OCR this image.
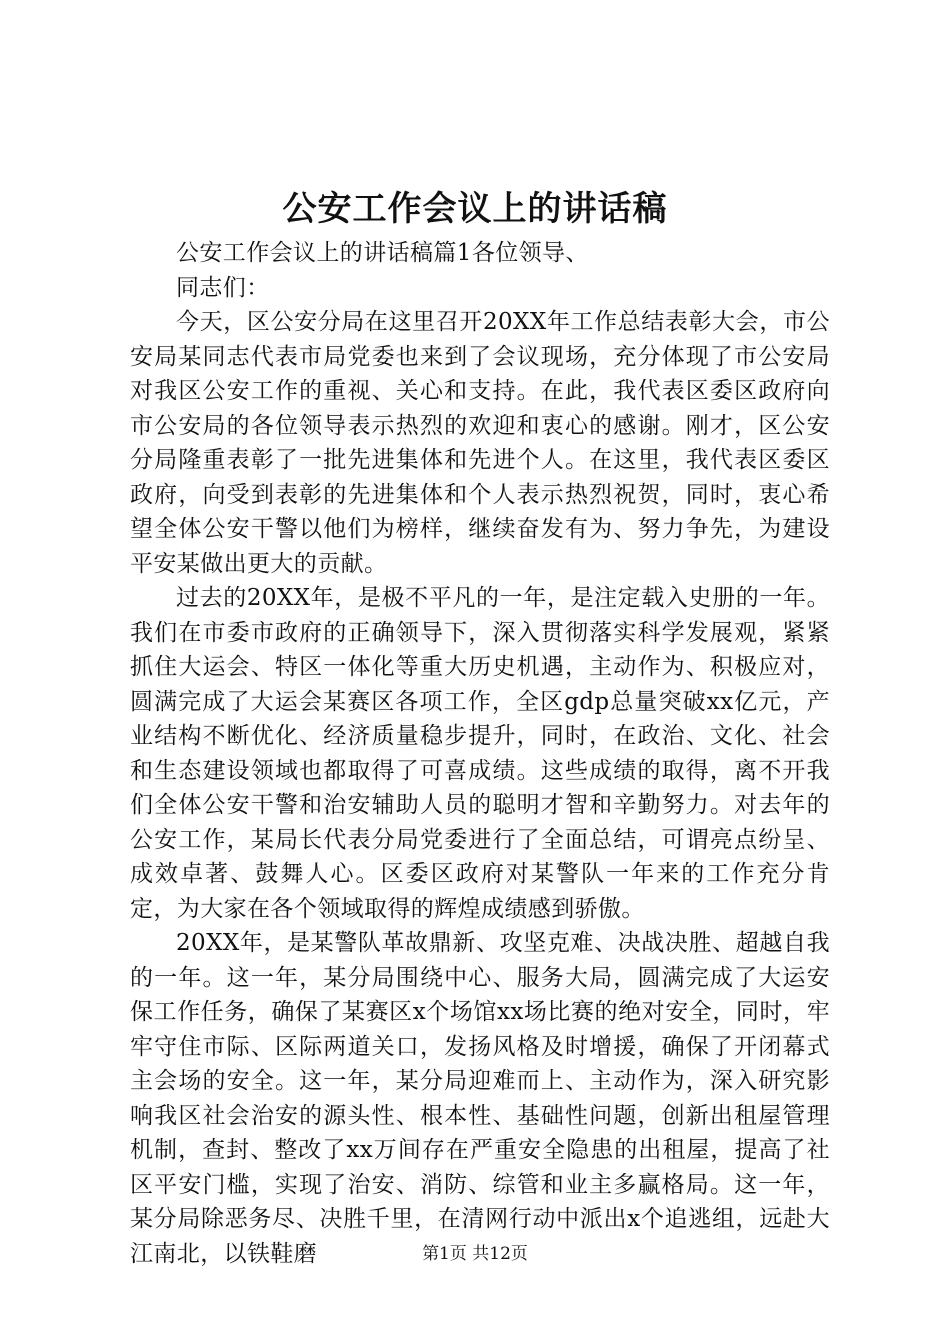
公安工作会议上的讲话稿

公安工作会议上的讲话稿篇1各位领导、

同志们：

今天，区公安分局在这里召开20XX年工作总结表彰大会，市公安局某同志代表市局党委也来到了会议现场，充分体现了市公安局对我区公安工作的重视、关心和支持。在此，我代表区委区政府向市公安局的各位领导表示热烈的欢迎和衷心的感谢。刚才，区公安分局隆重表彰了一批先进集体和先进个人。在这里，我代表区委区政府，向受到表彰的先进集体和个人表示热烈祝贺，同时，衷心希望全体公安干警以他们为榜样，继续奋发有为、努力争先，为建设平安某做出更大的贡献。

过去的20XX年，是极不平凡的一年，是注定载入史册的一年。我们在市委市政府的正确领导下，深入贯彻落实科学发展观，紧紧抓住大运会、特区一体化等重大历史机遇，主动作为、积极应对，圆满完成了大运会某赛区各项工作，全区gdp总量突破xx亿元，产业结构不断优化、经济质量稳步提升，同时，在政治、文化、社会和生态建设领域也都取得了可喜成绩。这些成绩的取得，离不开我们全体公安干警和治安辅助人员的聪明才智和辛勤努力。对去年的公安工作，某局长代表分局党委进行了全面总结，可谓亮点纷呈、成效卓著、鼓舞人心。区委区政府对某警队一年来的工作充分肯定，为大家在各个领域取得的辉煌成绩感到骄傲。

20XX年，是某警队革故鼎新、攻坚克难、决战决胜、超越自我的一年。这一年，某分局围绕中心、服务大局，圆满完成了大运安保工作任务，确保了某赛区x个场馆xx场比赛的绝对安全，同时，牢牢守住市际、区际两道关口，发扬风格及时增援，确保了开闭幕式主会场的安全。这一年，某分局迎难而上、主动作为，深入研究影响我区社会治安的源头性、根本性、基础性问题，创新出租屋管理机制，查封、整改了xx万间存在严重安全隐患的出租屋，提高了社区平安门槛，实现了治安、消防、综管和业主多赢格局。这一年，某分局除恶务尽、决胜千里，在清网行动中派出x个追逃组，远赴大江南北，以铁鞋磨	第1页 共12页
